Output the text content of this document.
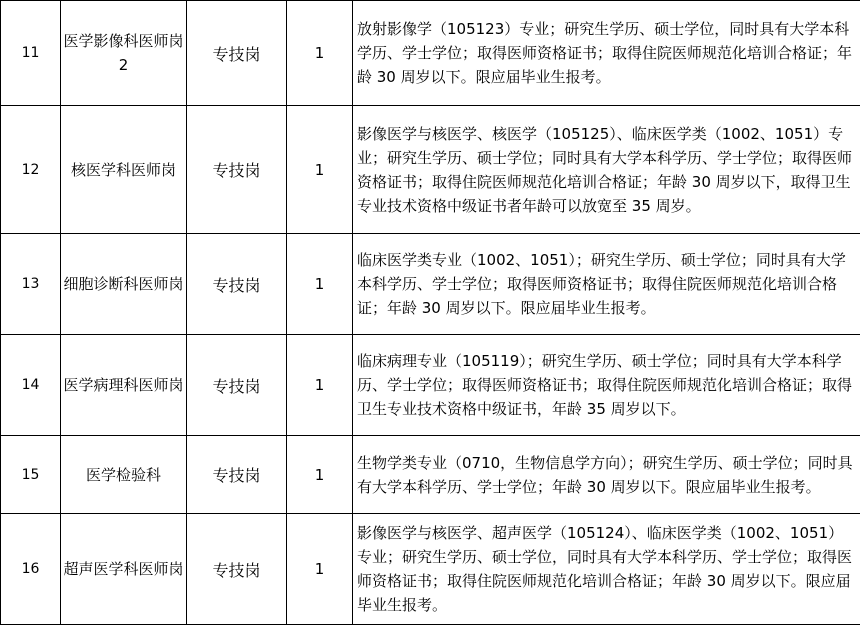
11	医学影像科医师岗 2	专技岗	1	放射影像学（105123）专业；研究生学历、硕士学位，同时具有大学本科学历、学士学位；取得医师资格证书；取得住院医师规范化培训合格证；年龄 30 周岁以下。限应届毕业生报考。
12	核医学科医师岗	专技岗	1	影像医学与核医学、核医学（105125）、临床医学类（1002、1051）专业；研究生学历、硕士学位；同时具有大学本科学历、学士学位；取得医师资格证书；取得住院医师规范化培训合格证；年龄 30 周岁以下，取得卫生专业技术资格中级证书者年龄可以放宽至 35 周岁。
13	细胞诊断科医师岗	专技岗	1	临床医学类专业（1002、1051）；研究生学历、硕士学位；同时具有大学本科学历、学士学位；取得医师资格证书；取得住院医师规范化培训合格证；年龄 30 周岁以下。限应届毕业生报考。
14	医学病理科医师岗	专技岗	1	临床病理专业（105119）；研究生学历、硕士学位；同时具有大学本科学历、学士学位；取得医师资格证书；取得住院医师规范化培训合格证；取得卫生专业技术资格中级证书，年龄 35 周岁以下。
15	医学检验科	专技岗	1	生物学类专业（0710，生物信息学方向）；研究生学历、硕士学位；同时具有大学本科学历、学士学位；年龄 30 周岁以下。限应届毕业生报考。
16	超声医学科医师岗	专技岗	1	影像医学与核医学、超声医学（105124）、临床医学类（1002、1051）专业；研究生学历、硕士学位，同时具有大学本科学历、学士学位；取得医师资格证书；取得住院医师规范化培训合格证；年龄 30 周岁以下。限应届毕业生报考。
